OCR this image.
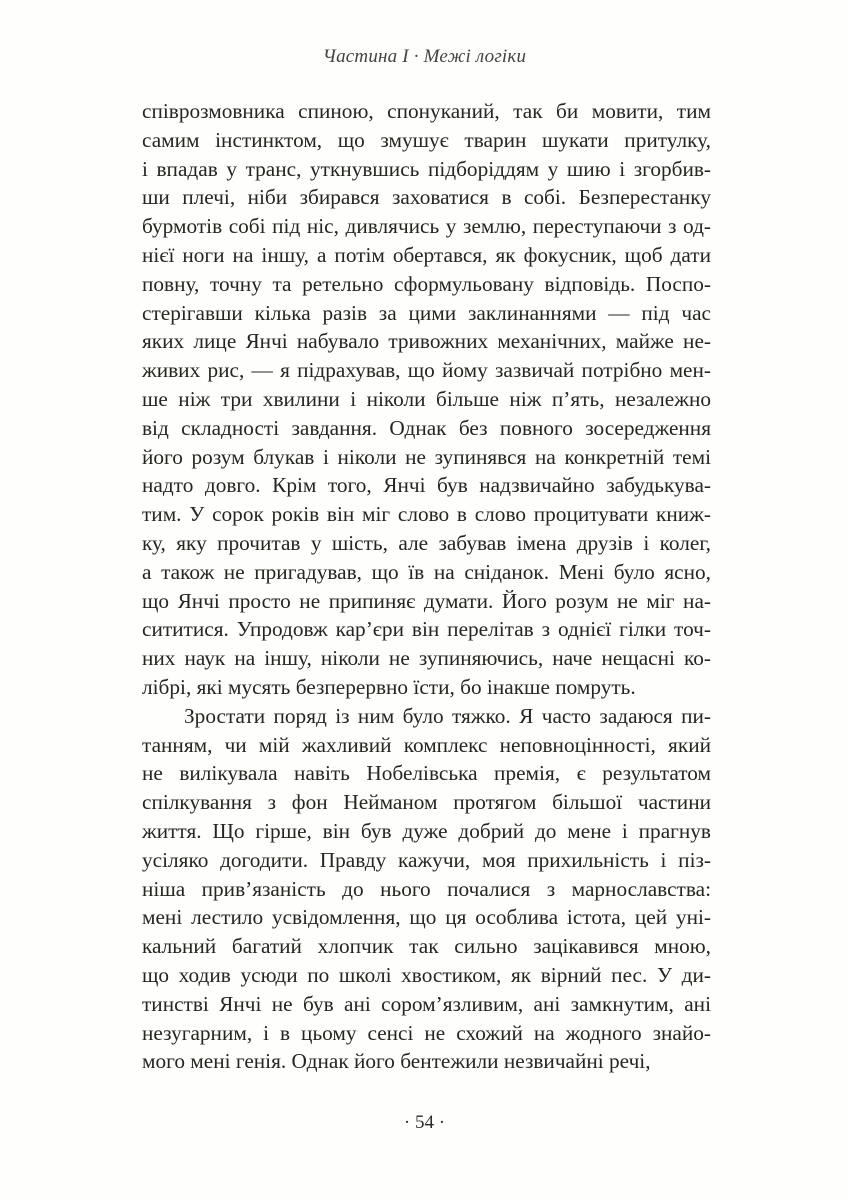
Частина І · Межі логіки
співрозмовника спиною, спонуканий, так би мовити, тим
самим інстинктом, що змушує тварин шукати притулку,
і впадав у транс, уткнувшись підборіддям у шию і згорбив-
ши плечі, ніби збирався заховатися в собі. Безперестанку
бурмотів собі під ніс, дивлячись у землю, переступаючи з од-
нієї ноги на іншу, а потім обертався, як фокусник, щоб дати
повну, точну та ретельно сформульовану відповідь. Поспо-
стерігавши кілька разів за цими заклинаннями — під час
яких лице Янчі набувало тривожних механічних, майже не-
живих рис, — я підрахував, що йому зазвичай потрібно мен-
ше ніж три хвилини і ніколи більше ніж п’ять, незалежно
від складності завдання. Однак без повного зосередження
його розум блукав і ніколи не зупинявся на конкретній темі
надто довго. Крім того, Янчі був надзвичайно забудькува-
тим. У сорок років він міг слово в слово процитувати книж-
ку, яку прочитав у шість, але забував імена друзів і колег,
а також не пригадував, що їв на сніданок. Мені було ясно,
що Янчі просто не припиняє думати. Його розум не міг на-
сититися. Упродовж кар’єри він перелітав з однієї гілки точ-
них наук на іншу, ніколи не зупиняючись, наче нещасні ко-
лібрі, які мусять безперервно їсти, бо інакше помруть.
Зростати поряд із ним було тяжко. Я часто задаюся пи-
танням, чи мій жахливий комплекс неповноцінності, який
не вилікувала навіть Нобелівська премія, є результатом
спілкування з фон Нейманом протягом більшої частини
життя. Що гірше, він був дуже добрий до мене і прагнув
усіляко догодити. Правду кажучи, моя прихильність і піз-
ніша прив’язаність до нього почалися з марнославства:
мені лестило усвідомлення, що ця особлива істота, цей уні-
кальний багатий хлопчик так сильно зацікавився мною,
що ходив усюди по школі хвостиком, як вірний пес. У ди-
тинстві Янчі не був ані сором’язливим, ані замкнутим, ані
незугарним, і в цьому сенсі не схожий на жодного знайо-
мого мені генія. Однак його бентежили незвичайні речі,
· 54 ·
